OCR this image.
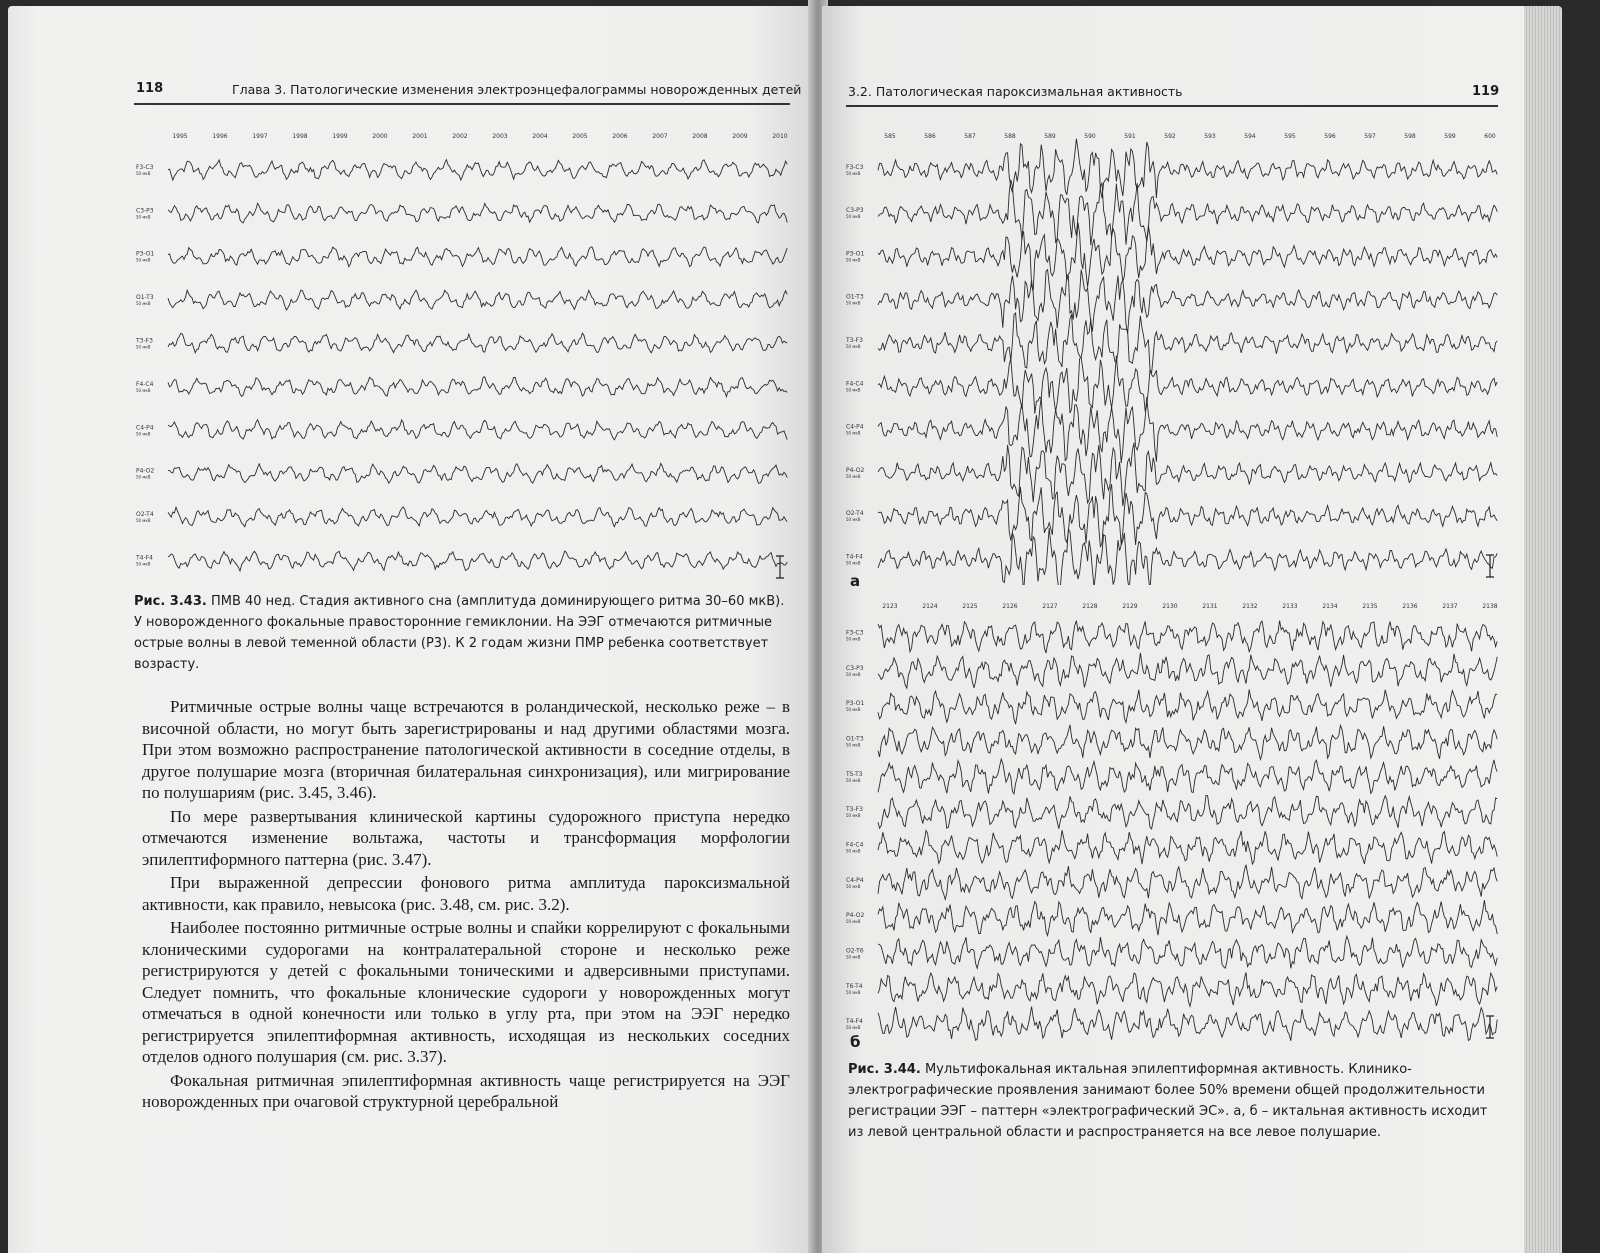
118	Глава 3. Патологические изменения электроэнцефалограммы новорожденных детей
1995	1996	1997	1998	1999	2000	2001	2002	2003	2004	2005	2006	2007	2008	2009	2010
F3-C3
50 мкВ
C3-P3
50 мкВ
P3-O1
50 мкВ
O1-T3
50 мкВ
T3-F3
50 мкВ
F4-C4
50 мкВ
C4-P4
50 мкВ
P4-O2
50 мкВ
O2-T4
50 мкВ
T4-F4
50 мкВ
Рис. 3.43. ПМВ 40 нед. Стадия активного сна (амплитуда доминирующего ритма 30–60 мкВ). У новорожденного фокальные правосторонние гемиклонии. На ЭЭГ отмечаются ритмичные острые волны в левой теменной области (P3). К 2 годам жизни ПМР ребенка соответствует возрасту.

Ритмичные острые волны чаще встречаются в роландической, несколько реже – в височной области, но могут быть зарегистрированы и над другими областями мозга. При этом возможно распространение патологической активности в соседние отделы, в другое полушарие мозга (вторичная билатеральная синхронизация), или мигрирование по полушариям (рис. 3.45, 3.46).

По мере развертывания клинической картины судорожного приступа нередко отмечаются изменение вольтажа, частоты и трансформация морфологии эпилептиформного паттерна (рис. 3.47).

При выраженной депрессии фонового ритма амплитуда пароксизмальной активности, как правило, невысока (рис. 3.48, см. рис. 3.2).

Наиболее постоянно ритмичные острые волны и спайки коррелируют с фокальными клоническими судорогами на контралатеральной стороне и несколько реже регистрируются у детей с фокальными тоническими и адверсивными приступами. Следует помнить, что фокальные клонические судороги у новорожденных могут отмечаться в одной конечности или только в углу рта, при этом на ЭЭГ нередко регистрируется эпилептиформная активность, исходящая из нескольких соседних отделов одного полушария (см. рис. 3.37).

Фокальная ритмичная эпилептиформная активность чаще регистрируется на ЭЭГ новорожденных при очаговой структурной церебральной

3.2. Патологическая пароксизмальная активность	119
585	586	587	588	589	590	591	592	593	594	595	596	597	598	599	600
F3-C3
50 мкВ
C3-P3
50 мкВ
P3-O1
50 мкВ
O1-T3
50 мкВ
T3-F3
50 мкВ
F4-C4
50 мкВ
C4-P4
50 мкВ
P4-O2
50 мкВ
O2-T4
50 мкВ
T4-F4
50 мкВ
а
2123	2124	2125	2126	2127	2128	2129	2130	2131	2132	2133	2134	2135	2136	2137	2138
F3-C3
50 мкВ
C3-P3
50 мкВ
P3-O1
50 мкВ
O1-T3
50 мкВ
T5-T3
50 мкВ
T3-F3
50 мкВ
F4-C4
50 мкВ
C4-P4
50 мкВ
P4-O2
50 мкВ
O2-T6
50 мкВ
T6-T4
50 мкВ
T4-F4
50 мкВ
б
Рис. 3.44. Мультифокальная иктальная эпилептиформная активность. Клинико-электрографические проявления занимают более 50% времени общей продолжительности регистрации ЭЭГ – паттерн «электрографический ЭС». а, б – иктальная активность исходит из левой центральной области и распространяется на все левое полушарие.
